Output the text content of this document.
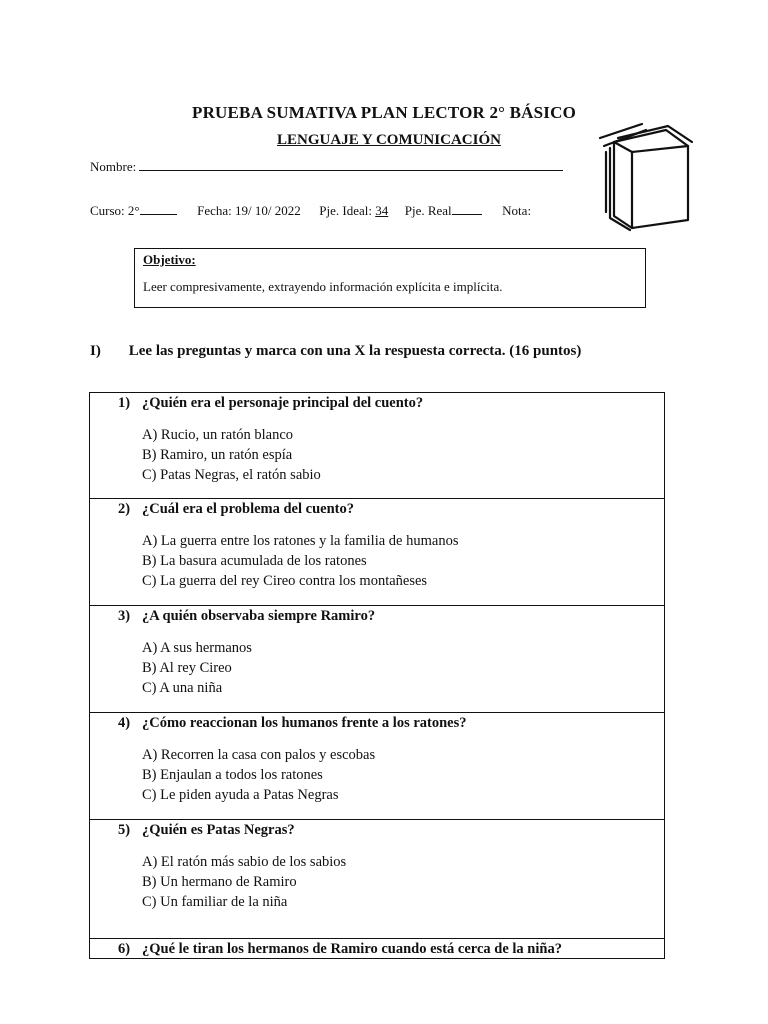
PRUEBA SUMATIVA PLAN LECTOR 2° BÁSICO
LENGUAJE Y COMUNICACIÓN
Nombre:
Curso: 2°	Fecha: 19/ 10/ 2022 Pje. Ideal: 34 Pje. Real	Nota:
Objetivo:
Leer compresivamente, extrayendo información explícita e implícita.
I) Lee las preguntas y marca con una X la respuesta correcta. (16 puntos)
1) ¿Quién era el personaje principal del cuento?
A) Rucio, un ratón blanco
B) Ramiro, un ratón espía
C) Patas Negras, el ratón sabio

2) ¿Cuál era el problema del cuento?
A) La guerra entre los ratones y la familia de humanos
B) La basura acumulada de los ratones
C) La guerra del rey Cireo contra los montañeses

3) ¿A quién observaba siempre Ramiro?
A) A sus hermanos
B) Al rey Cireo
C) A una niña

4) ¿Cómo reaccionan los humanos frente a los ratones?
A) Recorren la casa con palos y escobas
B) Enjaulan a todos los ratones
C) Le piden ayuda a Patas Negras

5) ¿Quién es Patas Negras?
A) El ratón más sabio de los sabios
B) Un hermano de Ramiro
C) Un familiar de la niña

6) ¿Qué le tiran los hermanos de Ramiro cuando está cerca de la niña?
